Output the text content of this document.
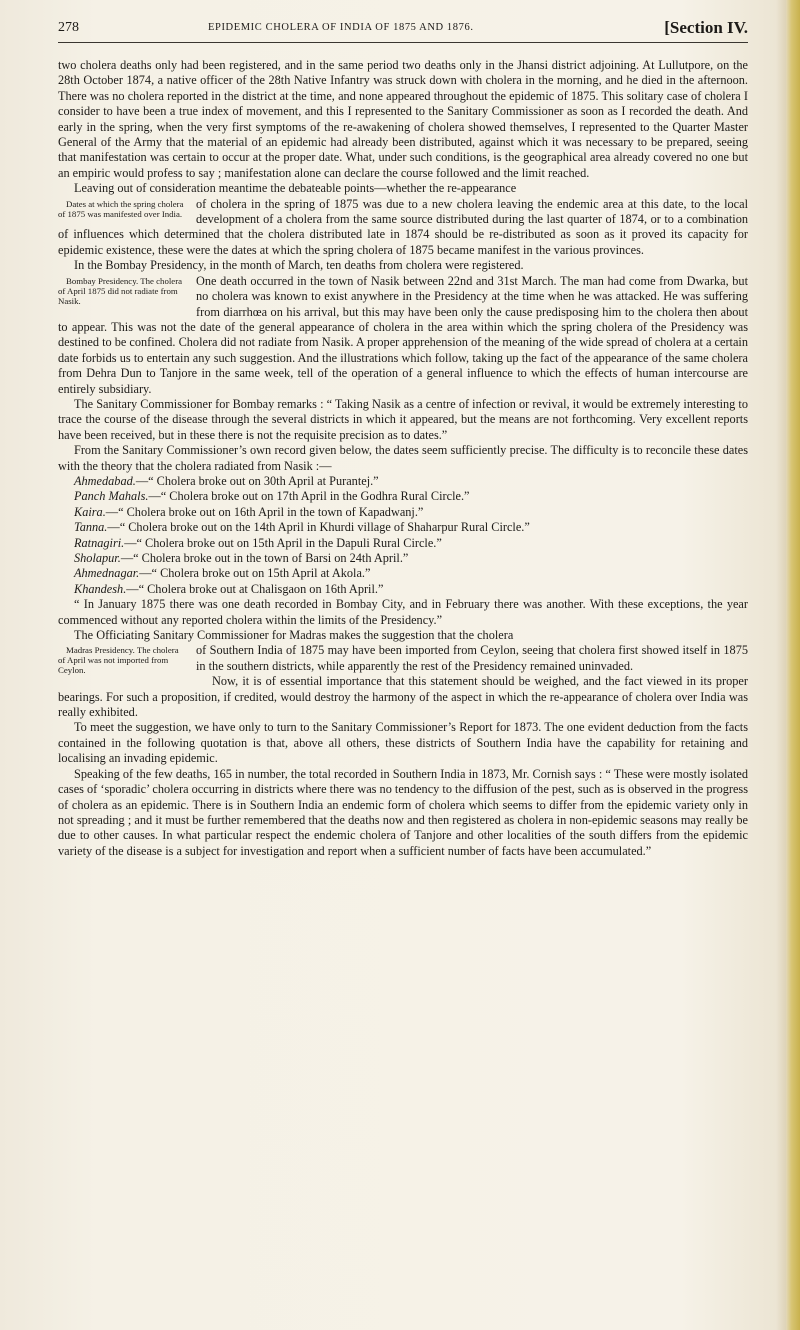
278	EPIDEMIC CHOLERA OF INDIA OF 1875 AND 1876.	[Section IV.

two cholera deaths only had been registered, and in the same period two deaths only in the Jhansi district adjoining. At Lullutpore, on the 28th October 1874, a native officer of the 28th Native Infantry was struck down with cholera in the morning, and he died in the afternoon. There was no cholera reported in the district at the time, and none appeared throughout the epidemic of 1875. This solitary case of cholera I consider to have been a true index of movement, and this I represented to the Sanitary Commissioner as soon as I recorded the death. And early in the spring, when the very first symptoms of the re-awakening of cholera showed themselves, I represented to the Quarter Master General of the Army that the material of an epidemic had already been distributed, against which it was necessary to be prepared, seeing that manifestation was certain to occur at the proper date. What, under such conditions, is the geographical area already covered no one but an empiric would profess to say ; manifestation alone can declare the course followed and the limit reached.

Leaving out of consideration meantime the debateable points—whether the re-appearance

Dates at which the spring cholera of 1875 was manifested over India.

of cholera in the spring of 1875 was due to a new cholera leaving the endemic area at this date, to the local development of a cholera from the same source distributed during the last quarter of 1874, or to a combination of influences which determined that the cholera distributed late in 1874 should be re-distributed as soon as it proved its capacity for epidemic existence, these were the dates at which the spring cholera of 1875 became manifest in the various provinces.

In the Bombay Presidency, in the month of March, ten deaths from cholera were registered.

Bombay Presidency. The cholera of April 1875 did not radiate from Nasik.

One death occurred in the town of Nasik between 22nd and 31st March. The man had come from Dwarka, but no cholera was known to exist anywhere in the Presidency at the time when he was attacked. He was suffering from diarrhœa on his arrival, but this may have been only the cause predisposing him to the cholera then about to appear. This was not the date of the general appearance of cholera in the area within which the spring cholera of the Presidency was destined to be confined. Cholera did not radiate from Nasik. A proper apprehension of the meaning of the wide spread of cholera at a certain date forbids us to entertain any such suggestion. And the illustrations which follow, taking up the fact of the appearance of the same cholera from Dehra Dun to Tanjore in the same week, tell of the operation of a general influence to which the effects of human intercourse are entirely subsidiary.

The Sanitary Commissioner for Bombay remarks : “ Taking Nasik as a centre of infection or revival, it would be extremely interesting to trace the course of the disease through the several districts in which it appeared, but the means are not forthcoming. Very excellent reports have been received, but in these there is not the requisite precision as to dates.”

From the Sanitary Commissioner’s own record given below, the dates seem sufficiently precise. The difficulty is to reconcile these dates with the theory that the cholera radiated from Nasik :—

Ahmedabad.—“ Cholera broke out on 30th April at Purantej.”

Panch Mahals.—“ Cholera broke out on 17th April in the Godhra Rural Circle.”

Kaira.—“ Cholera broke out on 16th April in the town of Kapadwanj.”

Tanna.—“ Cholera broke out on the 14th April in Khurdi village of Shaharpur Rural Circle.”

Ratnagiri.—“ Cholera broke out on 15th April in the Dapuli Rural Circle.”

Sholapur.—“ Cholera broke out in the town of Barsi on 24th April.”

Ahmednagar.—“ Cholera broke out on 15th April at Akola.”

Khandesh.—“ Cholera broke out at Chalisgaon on 16th April.”

“ In January 1875 there was one death recorded in Bombay City, and in February there was another. With these exceptions, the year commenced without any reported cholera within the limits of the Presidency.”

The Officiating Sanitary Commissioner for Madras makes the suggestion that the cholera

Madras Presidency. The cholera of April was not imported from Ceylon.

of Southern India of 1875 may have been imported from Ceylon, seeing that cholera first showed itself in 1875 in the southern districts, while apparently the rest of the Presidency remained uninvaded.

Now, it is of essential importance that this statement should be weighed, and the fact viewed in its proper bearings. For such a proposition, if credited, would destroy the harmony of the aspect in which the re-appearance of cholera over India was really exhibited.

To meet the suggestion, we have only to turn to the Sanitary Commissioner’s Report for 1873. The one evident deduction from the facts contained in the following quotation is that, above all others, these districts of Southern India have the capability for retaining and localising an invading epidemic.

Speaking of the few deaths, 165 in number, the total recorded in Southern India in 1873, Mr. Cornish says : “ These were mostly isolated cases of ‘sporadic’ cholera occurring in districts where there was no tendency to the diffusion of the pest, such as is observed in the progress of cholera as an epidemic. There is in Southern India an endemic form of cholera which seems to differ from the epidemic variety only in not spreading ; and it must be further remembered that the deaths now and then registered as cholera in non-epidemic seasons may really be due to other causes. In what particular respect the endemic cholera of Tanjore and other localities of the south differs from the epidemic variety of the disease is a subject for investigation and report when a sufficient number of facts have been accumulated.”
